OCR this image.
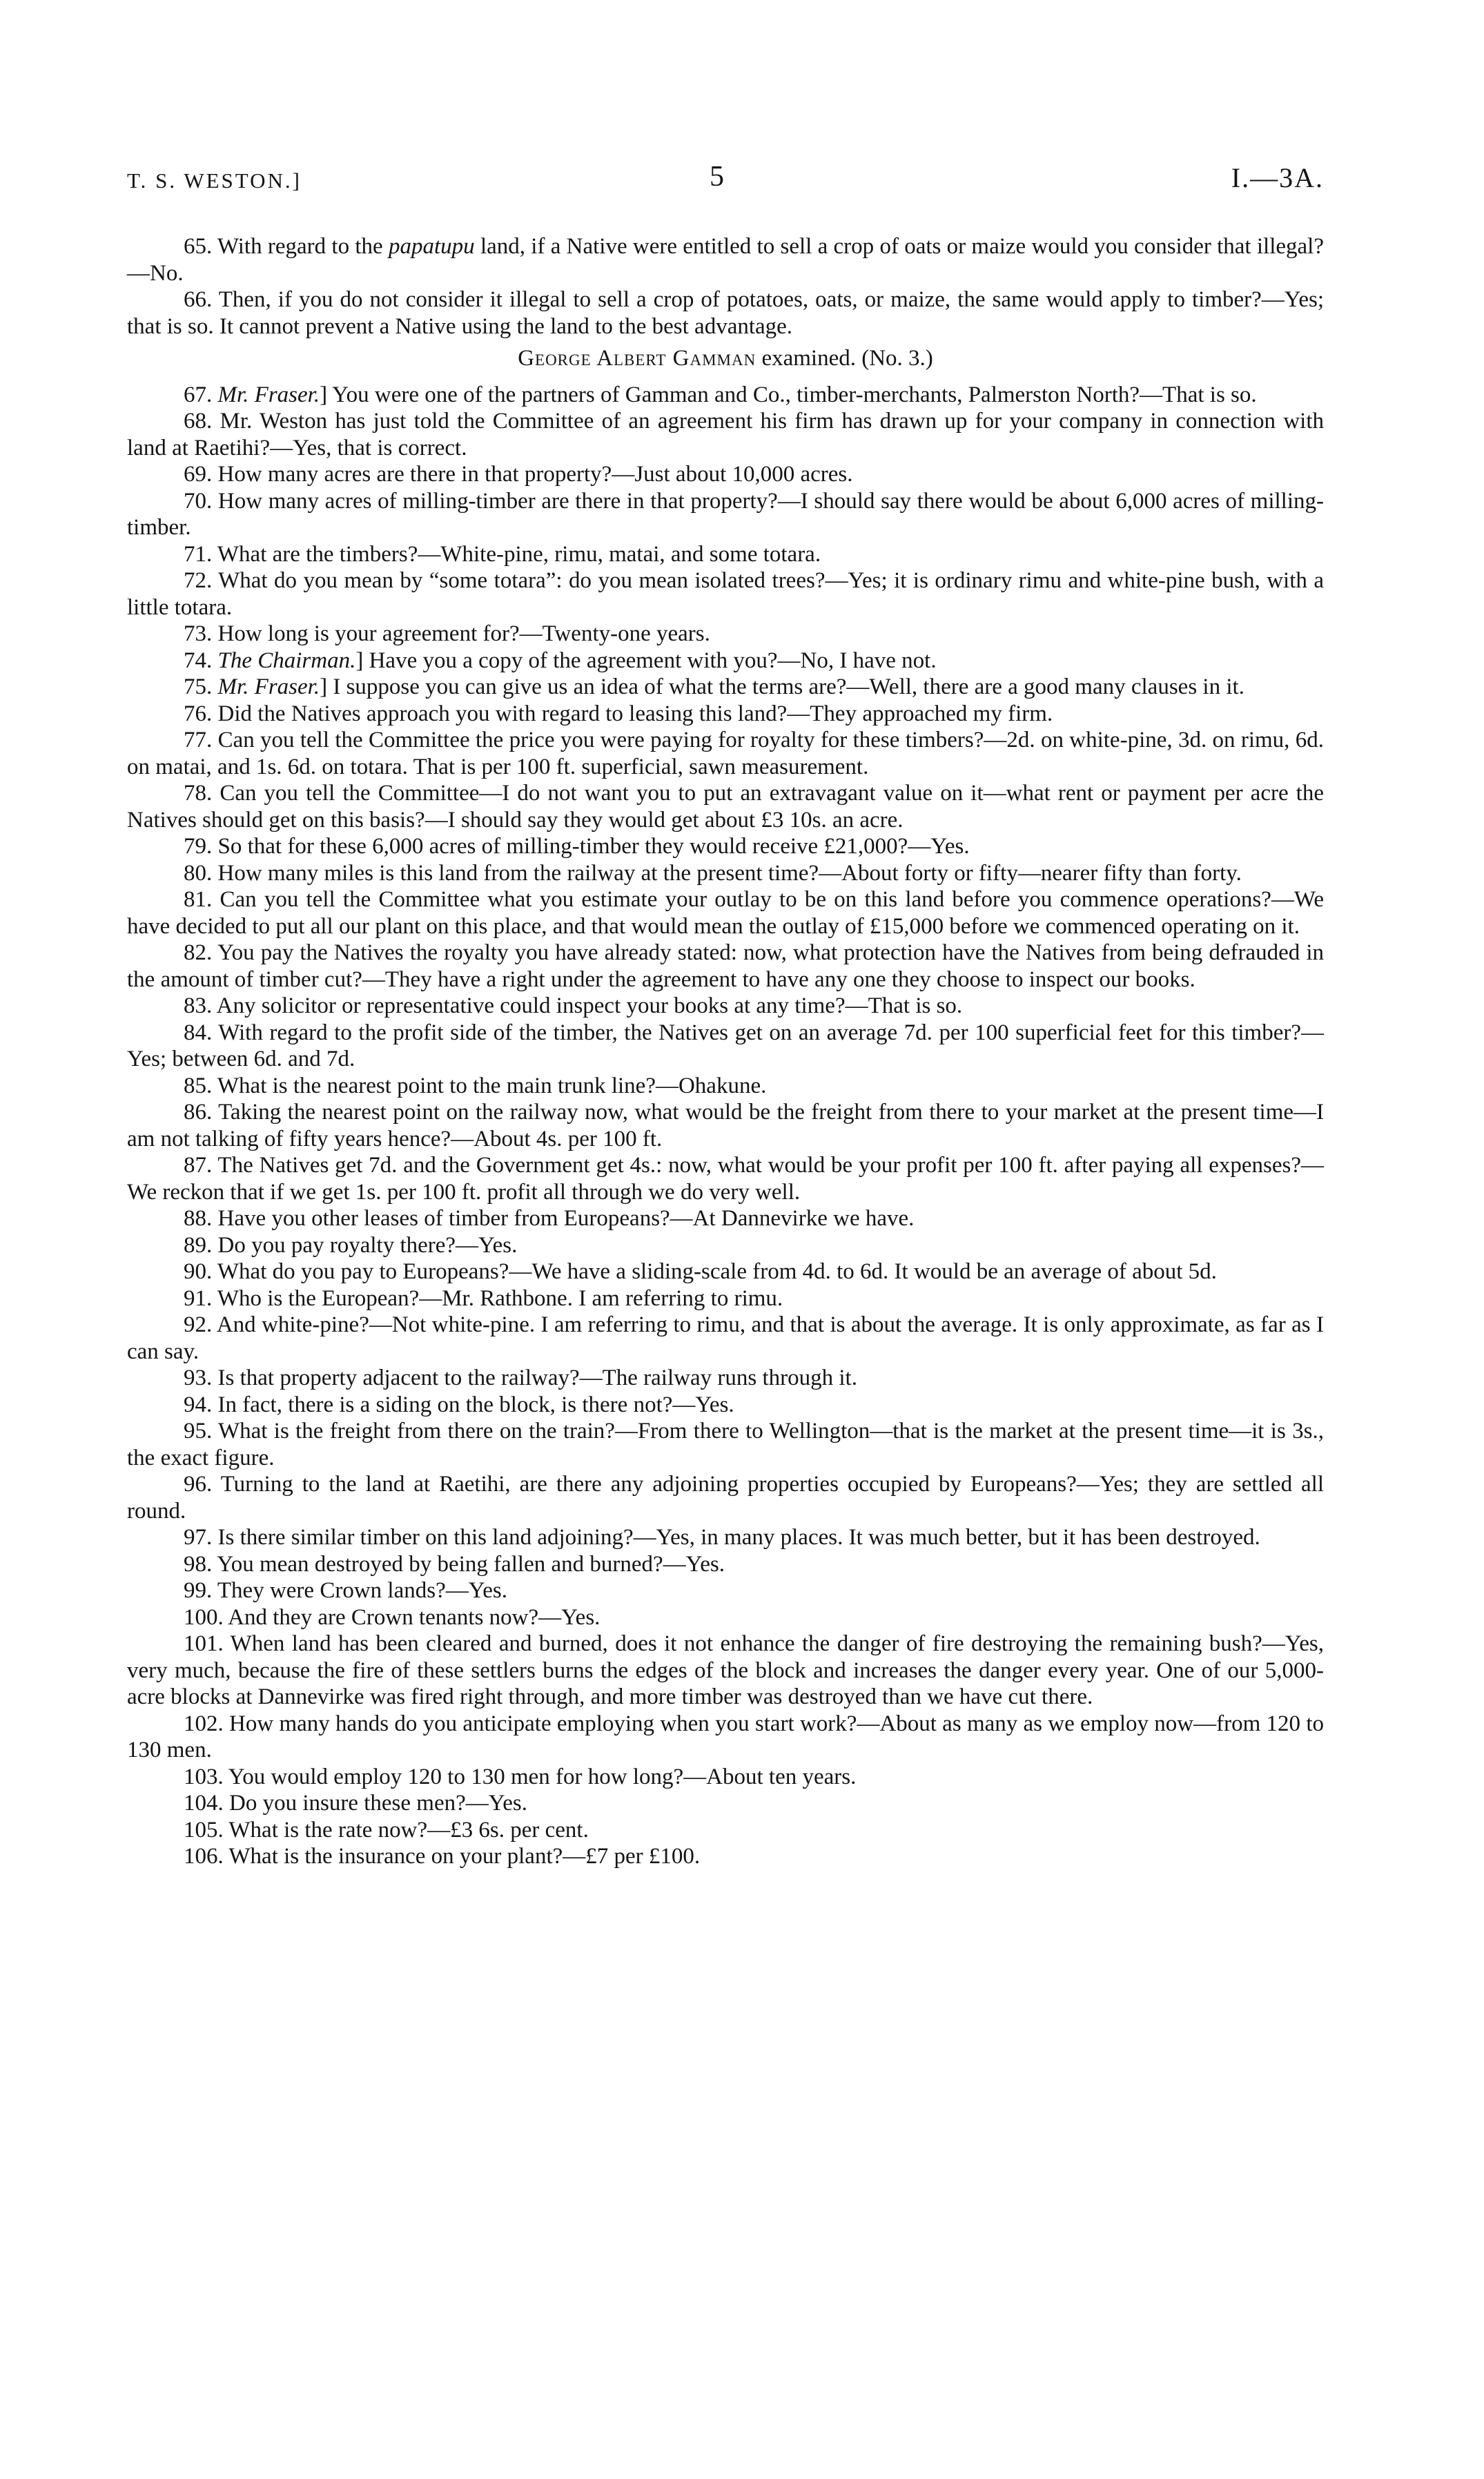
T. S. WESTON.]	5	I.—3A.

65. With regard to the papatupu land, if a Native were entitled to sell a crop of oats or maize would you consider that illegal?—No.

66. Then, if you do not consider it illegal to sell a crop of potatoes, oats, or maize, the same would apply to timber?—Yes; that is so. It cannot prevent a Native using the land to the best advantage.

George Albert Gamman examined. (No. 3.)

67. Mr. Fraser.] You were one of the partners of Gamman and Co., timber-merchants, Palmerston North?—That is so.

68. Mr. Weston has just told the Committee of an agreement his firm has drawn up for your company in connection with land at Raetihi?—Yes, that is correct.

69. How many acres are there in that property?—Just about 10,000 acres.

70. How many acres of milling-timber are there in that property?—I should say there would be about 6,000 acres of milling-timber.

71. What are the timbers?—White-pine, rimu, matai, and some totara.

72. What do you mean by “some totara”: do you mean isolated trees?—Yes; it is ordinary rimu and white-pine bush, with a little totara.

73. How long is your agreement for?—Twenty-one years.

74. The Chairman.] Have you a copy of the agreement with you?—No, I have not.

75. Mr. Fraser.] I suppose you can give us an idea of what the terms are?—Well, there are a good many clauses in it.

76. Did the Natives approach you with regard to leasing this land?—They approached my firm.

77. Can you tell the Committee the price you were paying for royalty for these timbers?—2d. on white-pine, 3d. on rimu, 6d. on matai, and 1s. 6d. on totara. That is per 100 ft. superficial, sawn measurement.

78. Can you tell the Committee—I do not want you to put an extravagant value on it—what rent or payment per acre the Natives should get on this basis?—I should say they would get about £3 10s. an acre.

79. So that for these 6,000 acres of milling-timber they would receive £21,000?—Yes.

80. How many miles is this land from the railway at the present time?—About forty or fifty—nearer fifty than forty.

81. Can you tell the Committee what you estimate your outlay to be on this land before you commence operations?—We have decided to put all our plant on this place, and that would mean the outlay of £15,000 before we commenced operating on it.

82. You pay the Natives the royalty you have already stated: now, what protection have the Natives from being defrauded in the amount of timber cut?—They have a right under the agreement to have any one they choose to inspect our books.

83. Any solicitor or representative could inspect your books at any time?—That is so.

84. With regard to the profit side of the timber, the Natives get on an average 7d. per 100 superficial feet for this timber?—Yes; between 6d. and 7d.

85. What is the nearest point to the main trunk line?—Ohakune.

86. Taking the nearest point on the railway now, what would be the freight from there to your market at the present time—I am not talking of fifty years hence?—About 4s. per 100 ft.

87. The Natives get 7d. and the Government get 4s.: now, what would be your profit per 100 ft. after paying all expenses?—We reckon that if we get 1s. per 100 ft. profit all through we do very well.

88. Have you other leases of timber from Europeans?—At Dannevirke we have.

89. Do you pay royalty there?—Yes.

90. What do you pay to Europeans?—We have a sliding-scale from 4d. to 6d. It would be an average of about 5d.

91. Who is the European?—Mr. Rathbone. I am referring to rimu.

92. And white-pine?—Not white-pine. I am referring to rimu, and that is about the average. It is only approximate, as far as I can say.

93. Is that property adjacent to the railway?—The railway runs through it.

94. In fact, there is a siding on the block, is there not?—Yes.

95. What is the freight from there on the train?—From there to Wellington—that is the market at the present time—it is 3s., the exact figure.

96. Turning to the land at Raetihi, are there any adjoining properties occupied by Europeans?—Yes; they are settled all round.

97. Is there similar timber on this land adjoining?—Yes, in many places. It was much better, but it has been destroyed.

98. You mean destroyed by being fallen and burned?—Yes.

99. They were Crown lands?—Yes.

100. And they are Crown tenants now?—Yes.

101. When land has been cleared and burned, does it not enhance the danger of fire destroying the remaining bush?—Yes, very much, because the fire of these settlers burns the edges of the block and increases the danger every year. One of our 5,000-acre blocks at Dannevirke was fired right through, and more timber was destroyed than we have cut there.

102. How many hands do you anticipate employing when you start work?—About as many as we employ now—from 120 to 130 men.

103. You would employ 120 to 130 men for how long?—About ten years.

104. Do you insure these men?—Yes.

105. What is the rate now?—£3 6s. per cent.

106. What is the insurance on your plant?—£7 per £100.
